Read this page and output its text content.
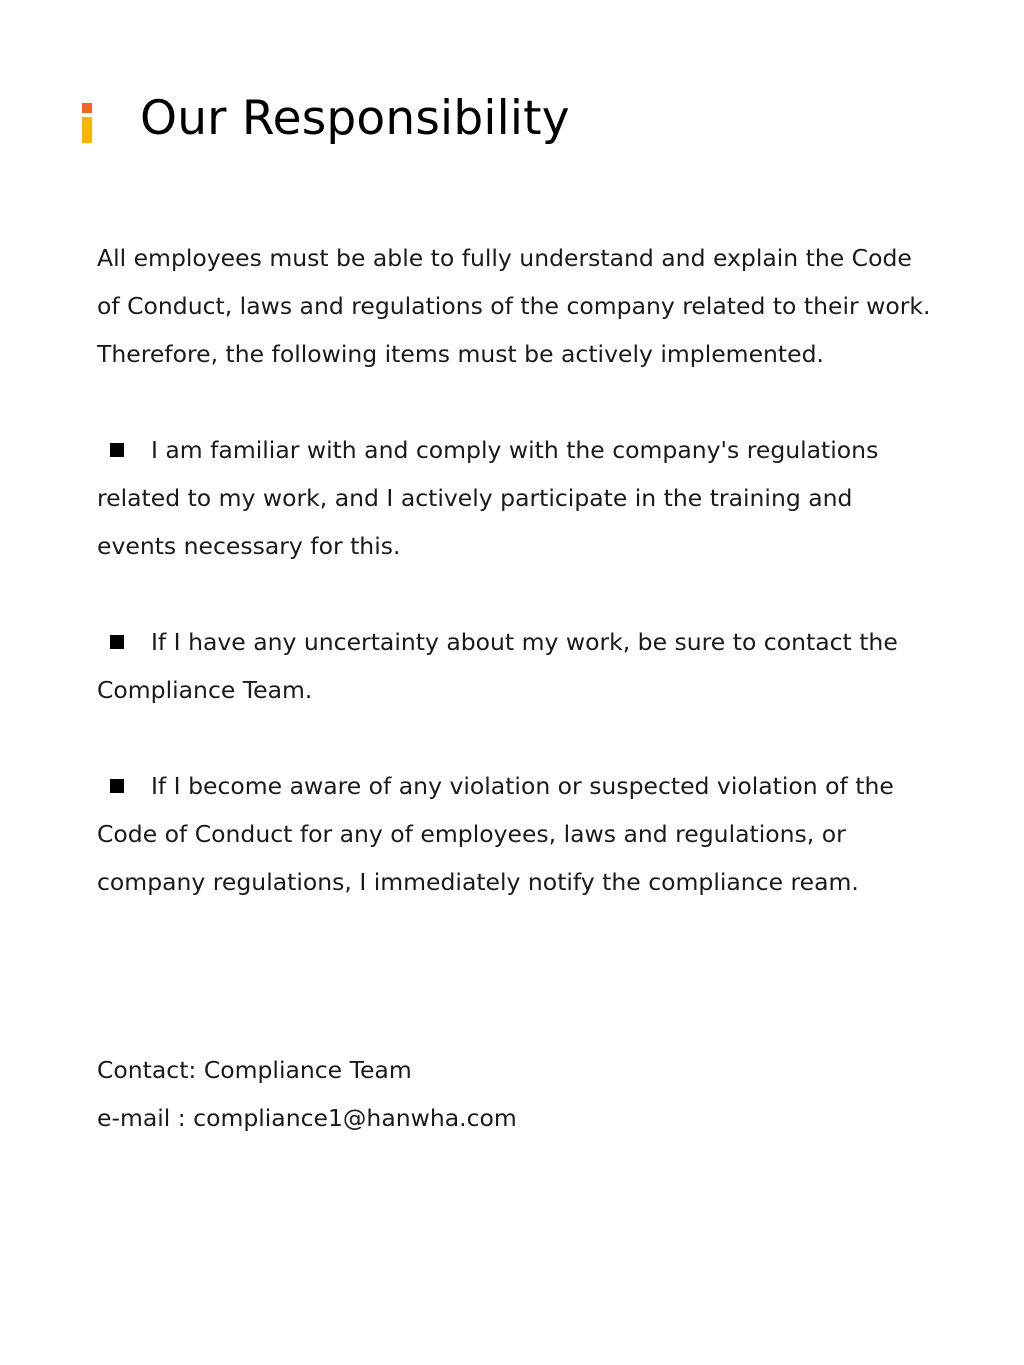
Our Responsibility

All employees must be able to fully understand and explain the Code of Conduct, laws and regulations of the company related to their work.

Therefore, the following items must be actively implemented.

I am familiar with and comply with the company's regulations related to my work, and I actively participate in the training and events necessary for this.

If I have any uncertainty about my work, be sure to contact the Compliance Team.

If I become aware of any violation or suspected violation of the Code of Conduct for any of employees, laws and regulations, or company regulations, I immediately notify the compliance ream.

Contact: Compliance Team
e-mail : compliance1@hanwha.com
